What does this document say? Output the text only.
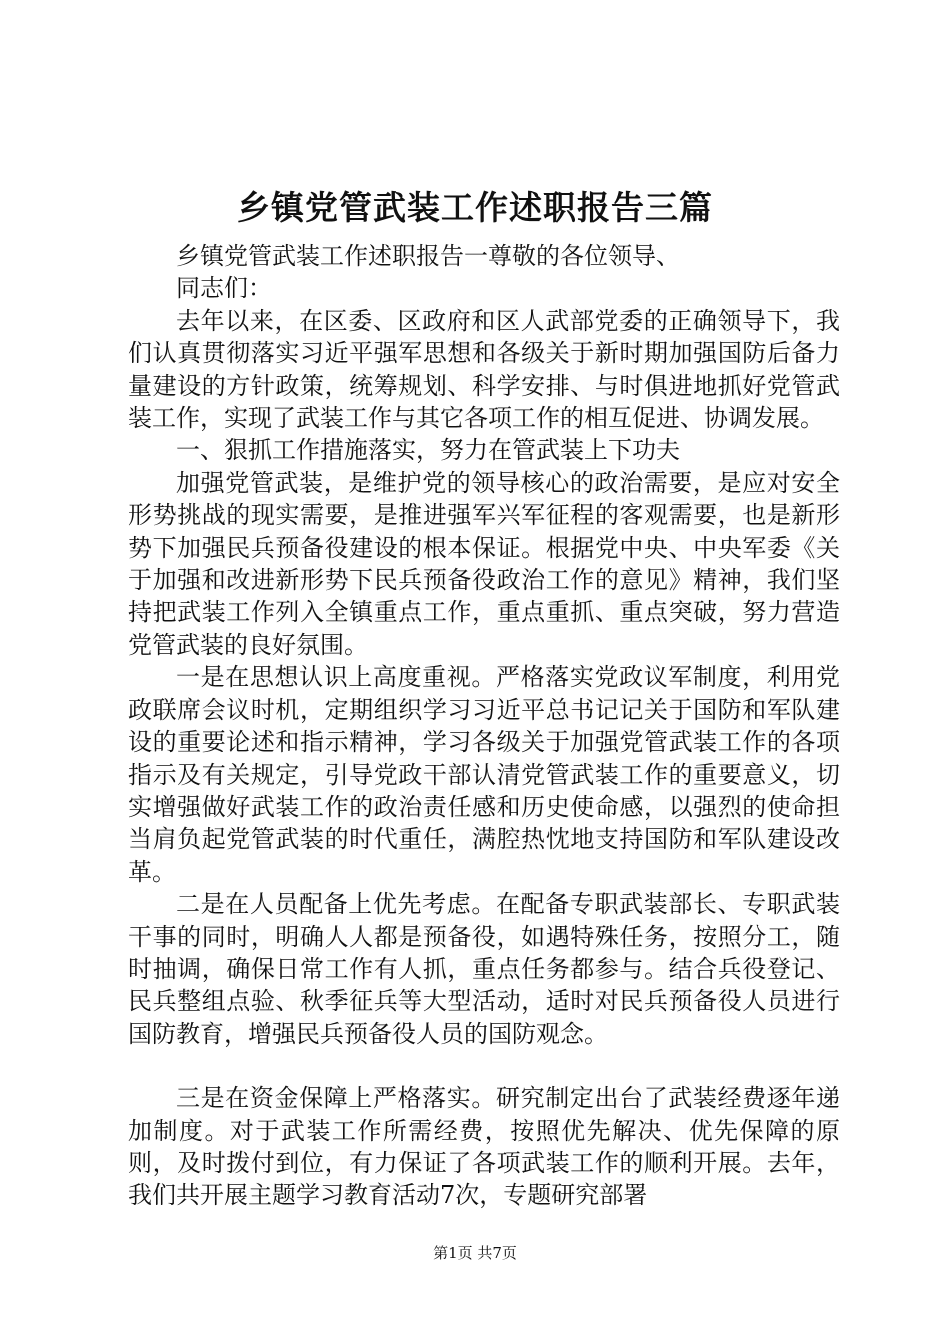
乡镇党管武装工作述职报告三篇

乡镇党管武装工作述职报告一尊敬的各位领导、

同志们：

去年以来，在区委、区政府和区人武部党委的正确领导下，我们认真贯彻落实习近平强军思想和各级关于新时期加强国防后备力量建设的方针政策，统筹规划、科学安排、与时俱进地抓好党管武装工作，实现了武装工作与其它各项工作的相互促进、协调发展。

一、狠抓工作措施落实，努力在管武装上下功夫

加强党管武装，是维护党的领导核心的政治需要，是应对安全形势挑战的现实需要，是推进强军兴军征程的客观需要，也是新形势下加强民兵预备役建设的根本保证。根据党中央、中央军委《关于加强和改进新形势下民兵预备役政治工作的意见》精神，我们坚持把武装工作列入全镇重点工作，重点重抓、重点突破，努力营造党管武装的良好氛围。

一是在思想认识上高度重视。严格落实党政议军制度，利用党政联席会议时机，定期组织学习习近平总书记记关于国防和军队建设的重要论述和指示精神，学习各级关于加强党管武装工作的各项指示及有关规定，引导党政干部认清党管武装工作的重要意义，切实增强做好武装工作的政治责任感和历史使命感，以强烈的使命担当肩负起党管武装的时代重任，满腔热忱地支持国防和军队建设改革。

二是在人员配备上优先考虑。在配备专职武装部长、专职武装干事的同时，明确人人都是预备役，如遇特殊任务，按照分工，随时抽调，确保日常工作有人抓，重点任务都参与。结合兵役登记、民兵整组点验、秋季征兵等大型活动，适时对民兵预备役人员进行国防教育，增强民兵预备役人员的国防观念。

三是在资金保障上严格落实。研究制定出台了武装经费逐年递加制度。对于武装工作所需经费，按照优先解决、优先保障的原则，及时拨付到位，有力保证了各项武装工作的顺利开展。去年，我们共开展主题学习教育活动7次，专题研究部署

第1页 共7页
